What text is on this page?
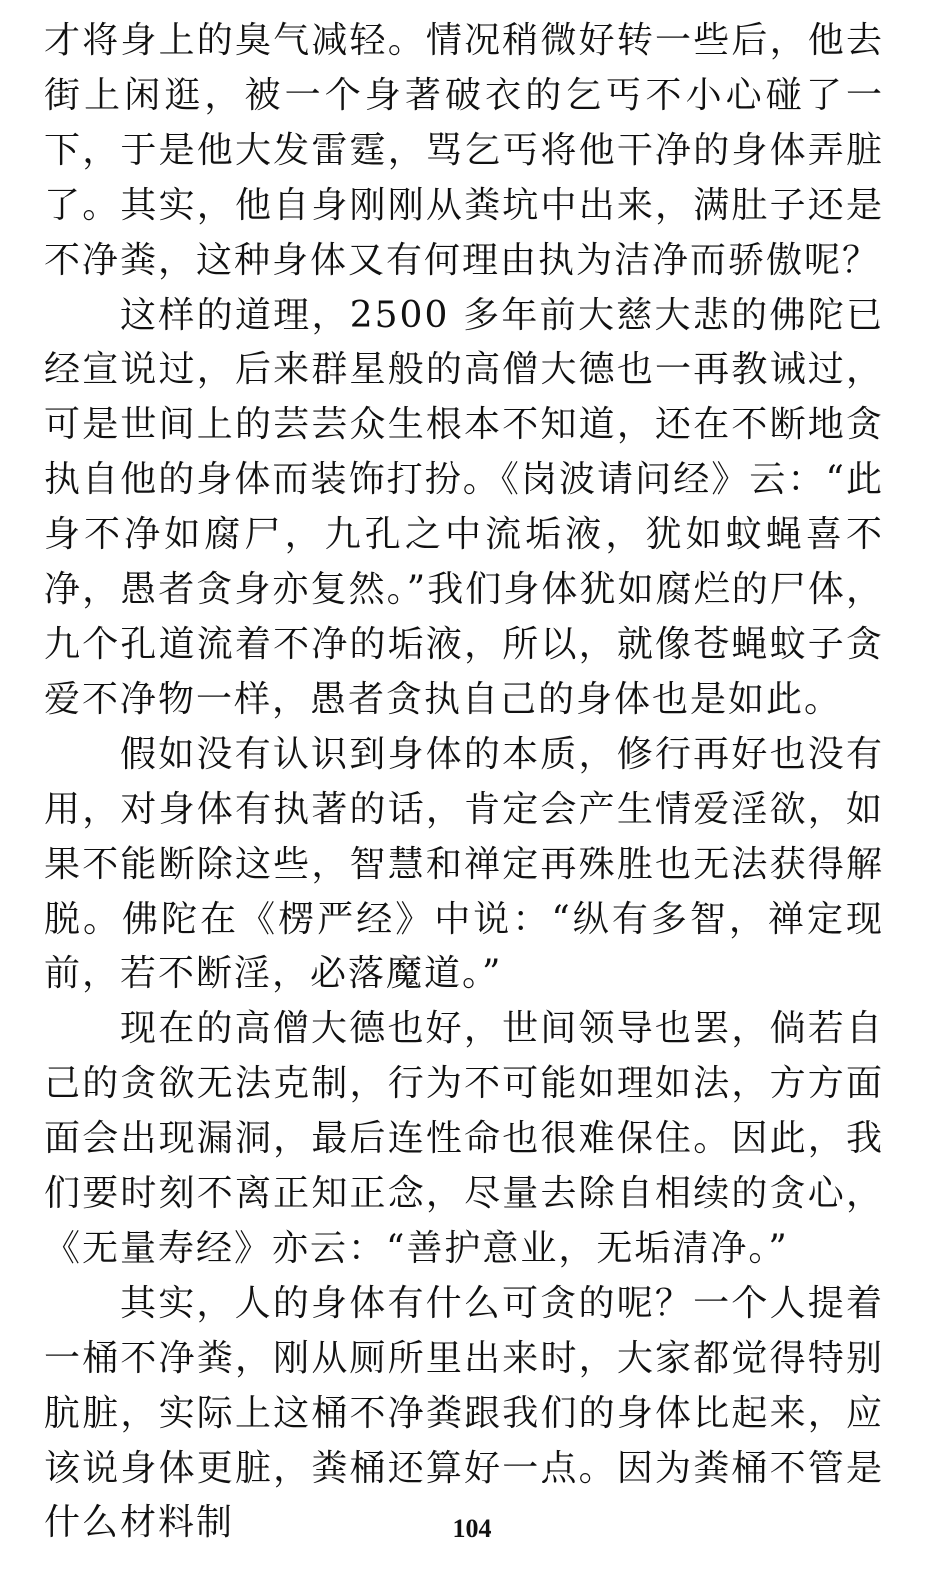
才将身上的臭气减轻。情况稍微好转一些后，他去街上闲逛，被一个身著破衣的乞丐不小心碰了一下，于是他大发雷霆，骂乞丐将他干净的身体弄脏了。其实，他自身刚刚从粪坑中出来，满肚子还是不净粪，这种身体又有何理由执为洁净而骄傲呢？

这样的道理，2500 多年前大慈大悲的佛陀已经宣说过，后来群星般的高僧大德也一再教诫过，可是世间上的芸芸众生根本不知道，还在不断地贪执自他的身体而装饰打扮。《岗波请问经》云：“此身不净如腐尸，九孔之中流垢液，犹如蚊蝇喜不净，愚者贪身亦复然。”我们身体犹如腐烂的尸体，九个孔道流着不净的垢液，所以，就像苍蝇蚊子贪爱不净物一样，愚者贪执自己的身体也是如此。

假如没有认识到身体的本质，修行再好也没有用，对身体有执著的话，肯定会产生情爱淫欲，如果不能断除这些，智慧和禅定再殊胜也无法获得解脱。佛陀在《楞严经》中说：“纵有多智，禅定现前，若不断淫，必落魔道。”

现在的高僧大德也好，世间领导也罢，倘若自己的贪欲无法克制，行为不可能如理如法，方方面面会出现漏洞，最后连性命也很难保住。因此，我们要时刻不离正知正念，尽量去除自相续的贪心，《无量寿经》亦云：“善护意业，无垢清净。”

其实，人的身体有什么可贪的呢？一个人提着一桶不净粪，刚从厕所里出来时，大家都觉得特别肮脏，实际上这桶不净粪跟我们的身体比起来，应该说身体更脏，粪桶还算好一点。因为粪桶不管是什么材料制	104
